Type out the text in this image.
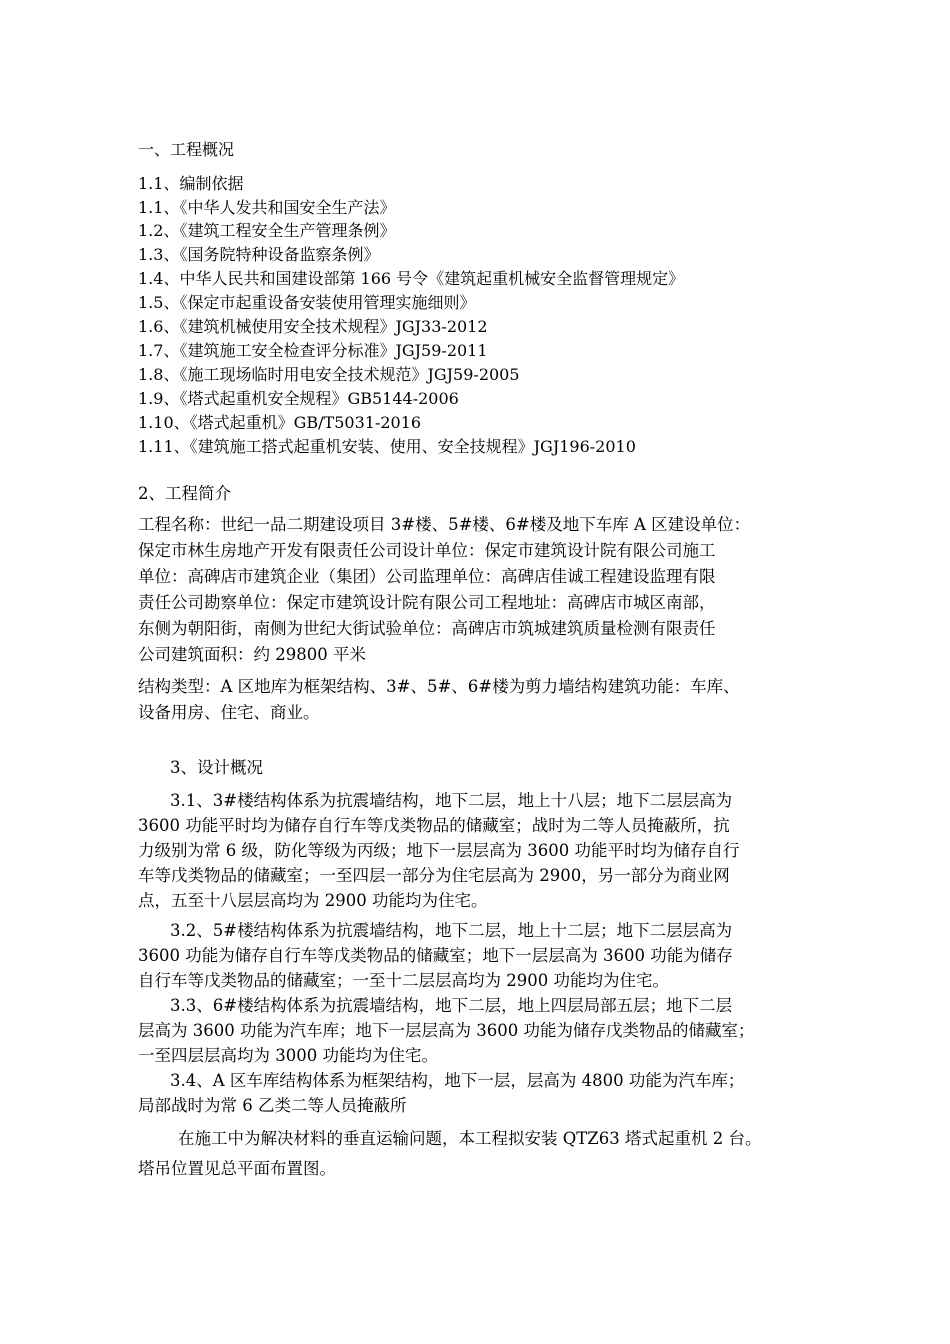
一、工程概况
1.1、编制依据
1.1、《中华人发共和国安全生产法》
1.2、《建筑工程安全生产管理条例》
1.3、《国务院特种设备监察条例》
1.4、中华人民共和国建设部第 166 号令《建筑起重机械安全监督管理规定》
1.5、《保定市起重设备安装使用管理实施细则》
1.6、《建筑机械使用安全技术规程》JGJ33-2012
1.7、《建筑施工安全检查评分标准》JGJ59-2011
1.8、《施工现场临时用电安全技术规范》JGJ59-2005
1.9、《塔式起重机安全规程》GB5144-2006
1.10、《塔式起重机》GB/T5031-2016
1.11、《建筑施工搭式起重机安装、使用、安全技规程》JGJ196-2010
2、工程简介
工程名称：世纪一品二期建设项目 3#楼、5#楼、6#楼及地下车库 A 区建设单位：
保定市林生房地产开发有限责任公司设计单位：保定市建筑设计院有限公司施工
单位：高碑店市建筑企业（集团）公司监理单位：高碑店佳诚工程建设监理有限
责任公司勘察单位：保定市建筑设计院有限公司工程地址：高碑店市城区南部，
东侧为朝阳街，南侧为世纪大街试验单位：高碑店市筑城建筑质量检测有限责任
公司建筑面积：约 29800 平米
结构类型：A 区地库为框架结构、3#、5#、6#楼为剪力墙结构建筑功能：车库、
设备用房、住宅、商业。
3、设计概况
3.1、3#楼结构体系为抗震墙结构，地下二层，地上十八层；地下二层层高为
3600 功能平时均为储存自行车等戊类物品的储藏室；战时为二等人员掩蔽所，抗
力级别为常 6 级，防化等级为丙级；地下一层层高为 3600 功能平时均为储存自行
车等戊类物品的储藏室；一至四层一部分为住宅层高为 2900，另一部分为商业网
点，五至十八层层高均为 2900 功能均为住宅。
3.2、5#楼结构体系为抗震墙结构，地下二层，地上十二层；地下二层层高为
3600 功能为储存自行车等戊类物品的储藏室；地下一层层高为 3600 功能为储存
自行车等戊类物品的储藏室；一至十二层层高均为 2900 功能均为住宅。
3.3、6#楼结构体系为抗震墙结构，地下二层，地上四层局部五层；地下二层
层高为 3600 功能为汽车库；地下一层层高为 3600 功能为储存戊类物品的储藏室；
一至四层层高均为 3000 功能均为住宅。
3.4、A 区车库结构体系为框架结构，地下一层，层高为 4800 功能为汽车库；
局部战时为常 6 乙类二等人员掩蔽所
在施工中为解决材料的垂直运输问题，本工程拟安装 QTZ63 塔式起重机 2 台。
塔吊位置见总平面布置图。
